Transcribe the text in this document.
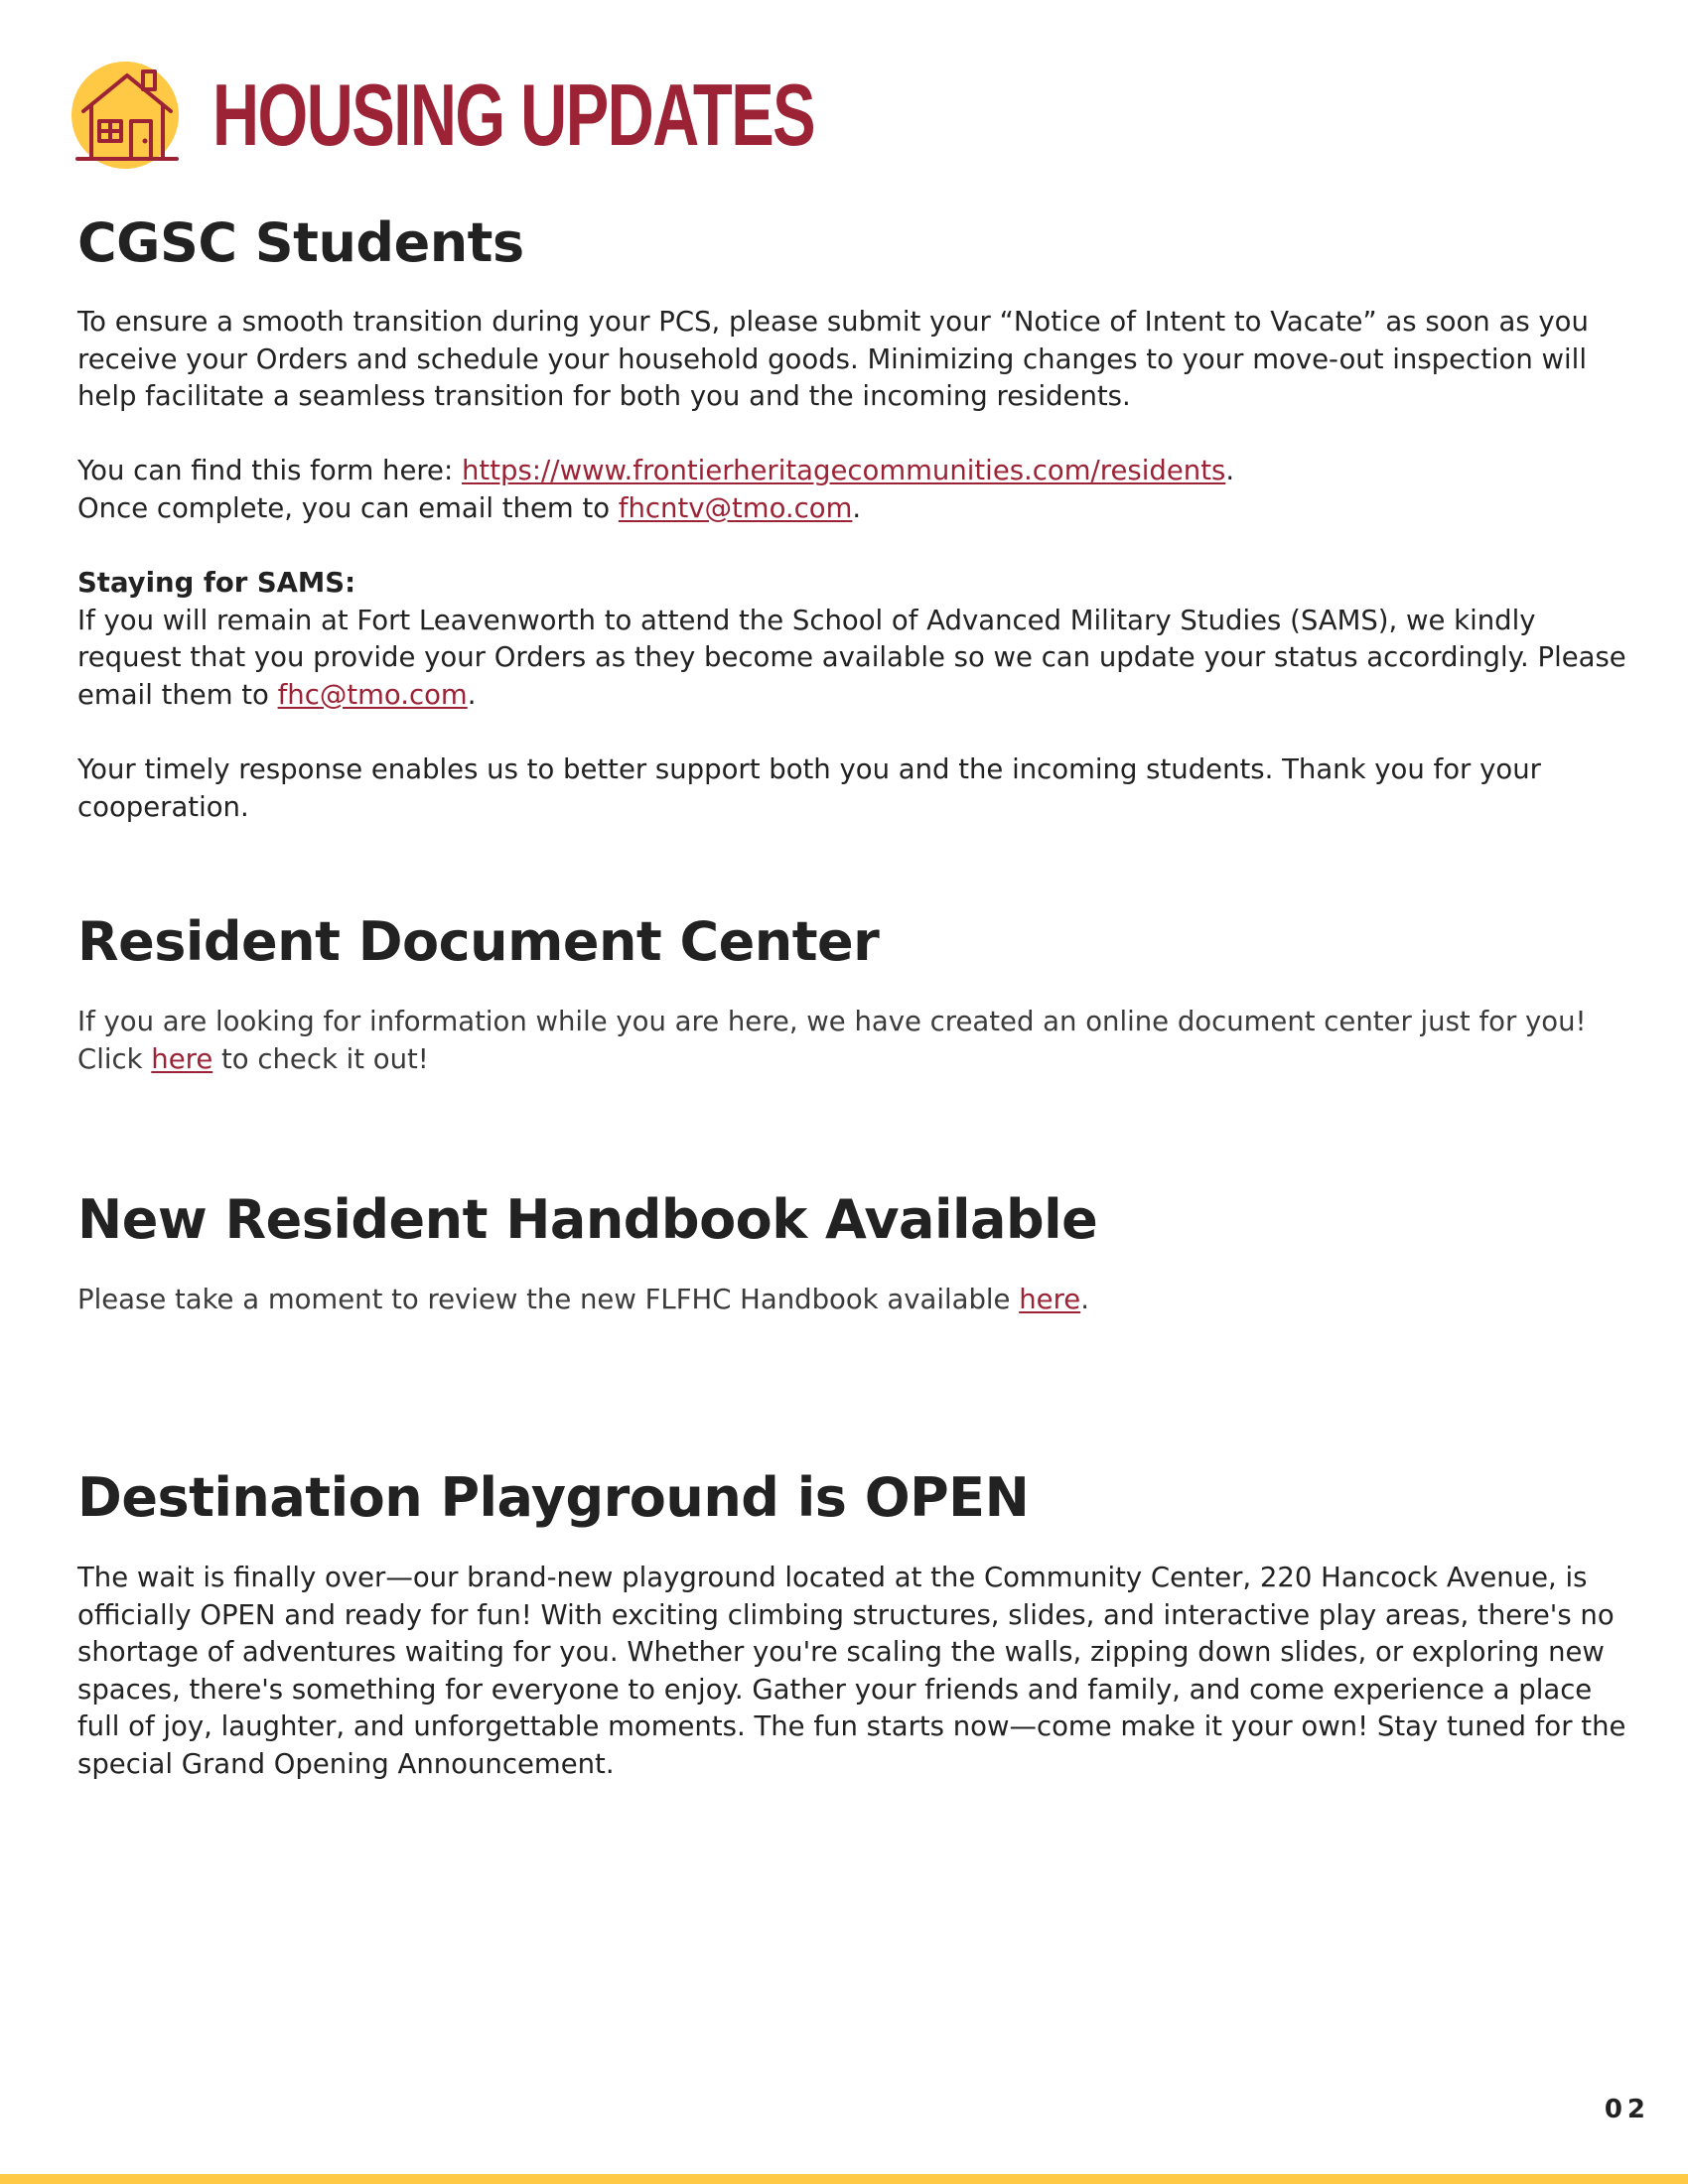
HOUSING UPDATES
CGSC Students

To ensure a smooth transition during your PCS, please submit your “Notice of Intent to Vacate” as soon as you receive your Orders and schedule your household goods. Minimizing changes to your move-out inspection will help facilitate a seamless transition for both you and the incoming residents.

You can find this form here: https://www.frontierheritagecommunities.com/residents.
Once complete, you can email them to fhcntv@tmo.com.

Staying for SAMS:
If you will remain at Fort Leavenworth to attend the School of Advanced Military Studies (SAMS), we kindly request that you provide your Orders as they become available so we can update your status accordingly. Please email them to fhc@tmo.com.

Your timely response enables us to better support both you and the incoming students. Thank you for your cooperation.

Resident Document Center

If you are looking for information while you are here, we have created an online document center just for you! Click here to check it out!

New Resident Handbook Available

Please take a moment to review the new FLFHC Handbook available here.

Destination Playground is OPEN

The wait is finally over—our brand-new playground located at the Community Center, 220 Hancock Avenue, is officially OPEN and ready for fun! With exciting climbing structures, slides, and interactive play areas, there's no shortage of adventures waiting for you. Whether you're scaling the walls, zipping down slides, or exploring new spaces, there's something for everyone to enjoy. Gather your friends and family, and come experience a place full of joy, laughter, and unforgettable moments. The fun starts now—come make it your own! Stay tuned for the special Grand Opening Announcement.

02
